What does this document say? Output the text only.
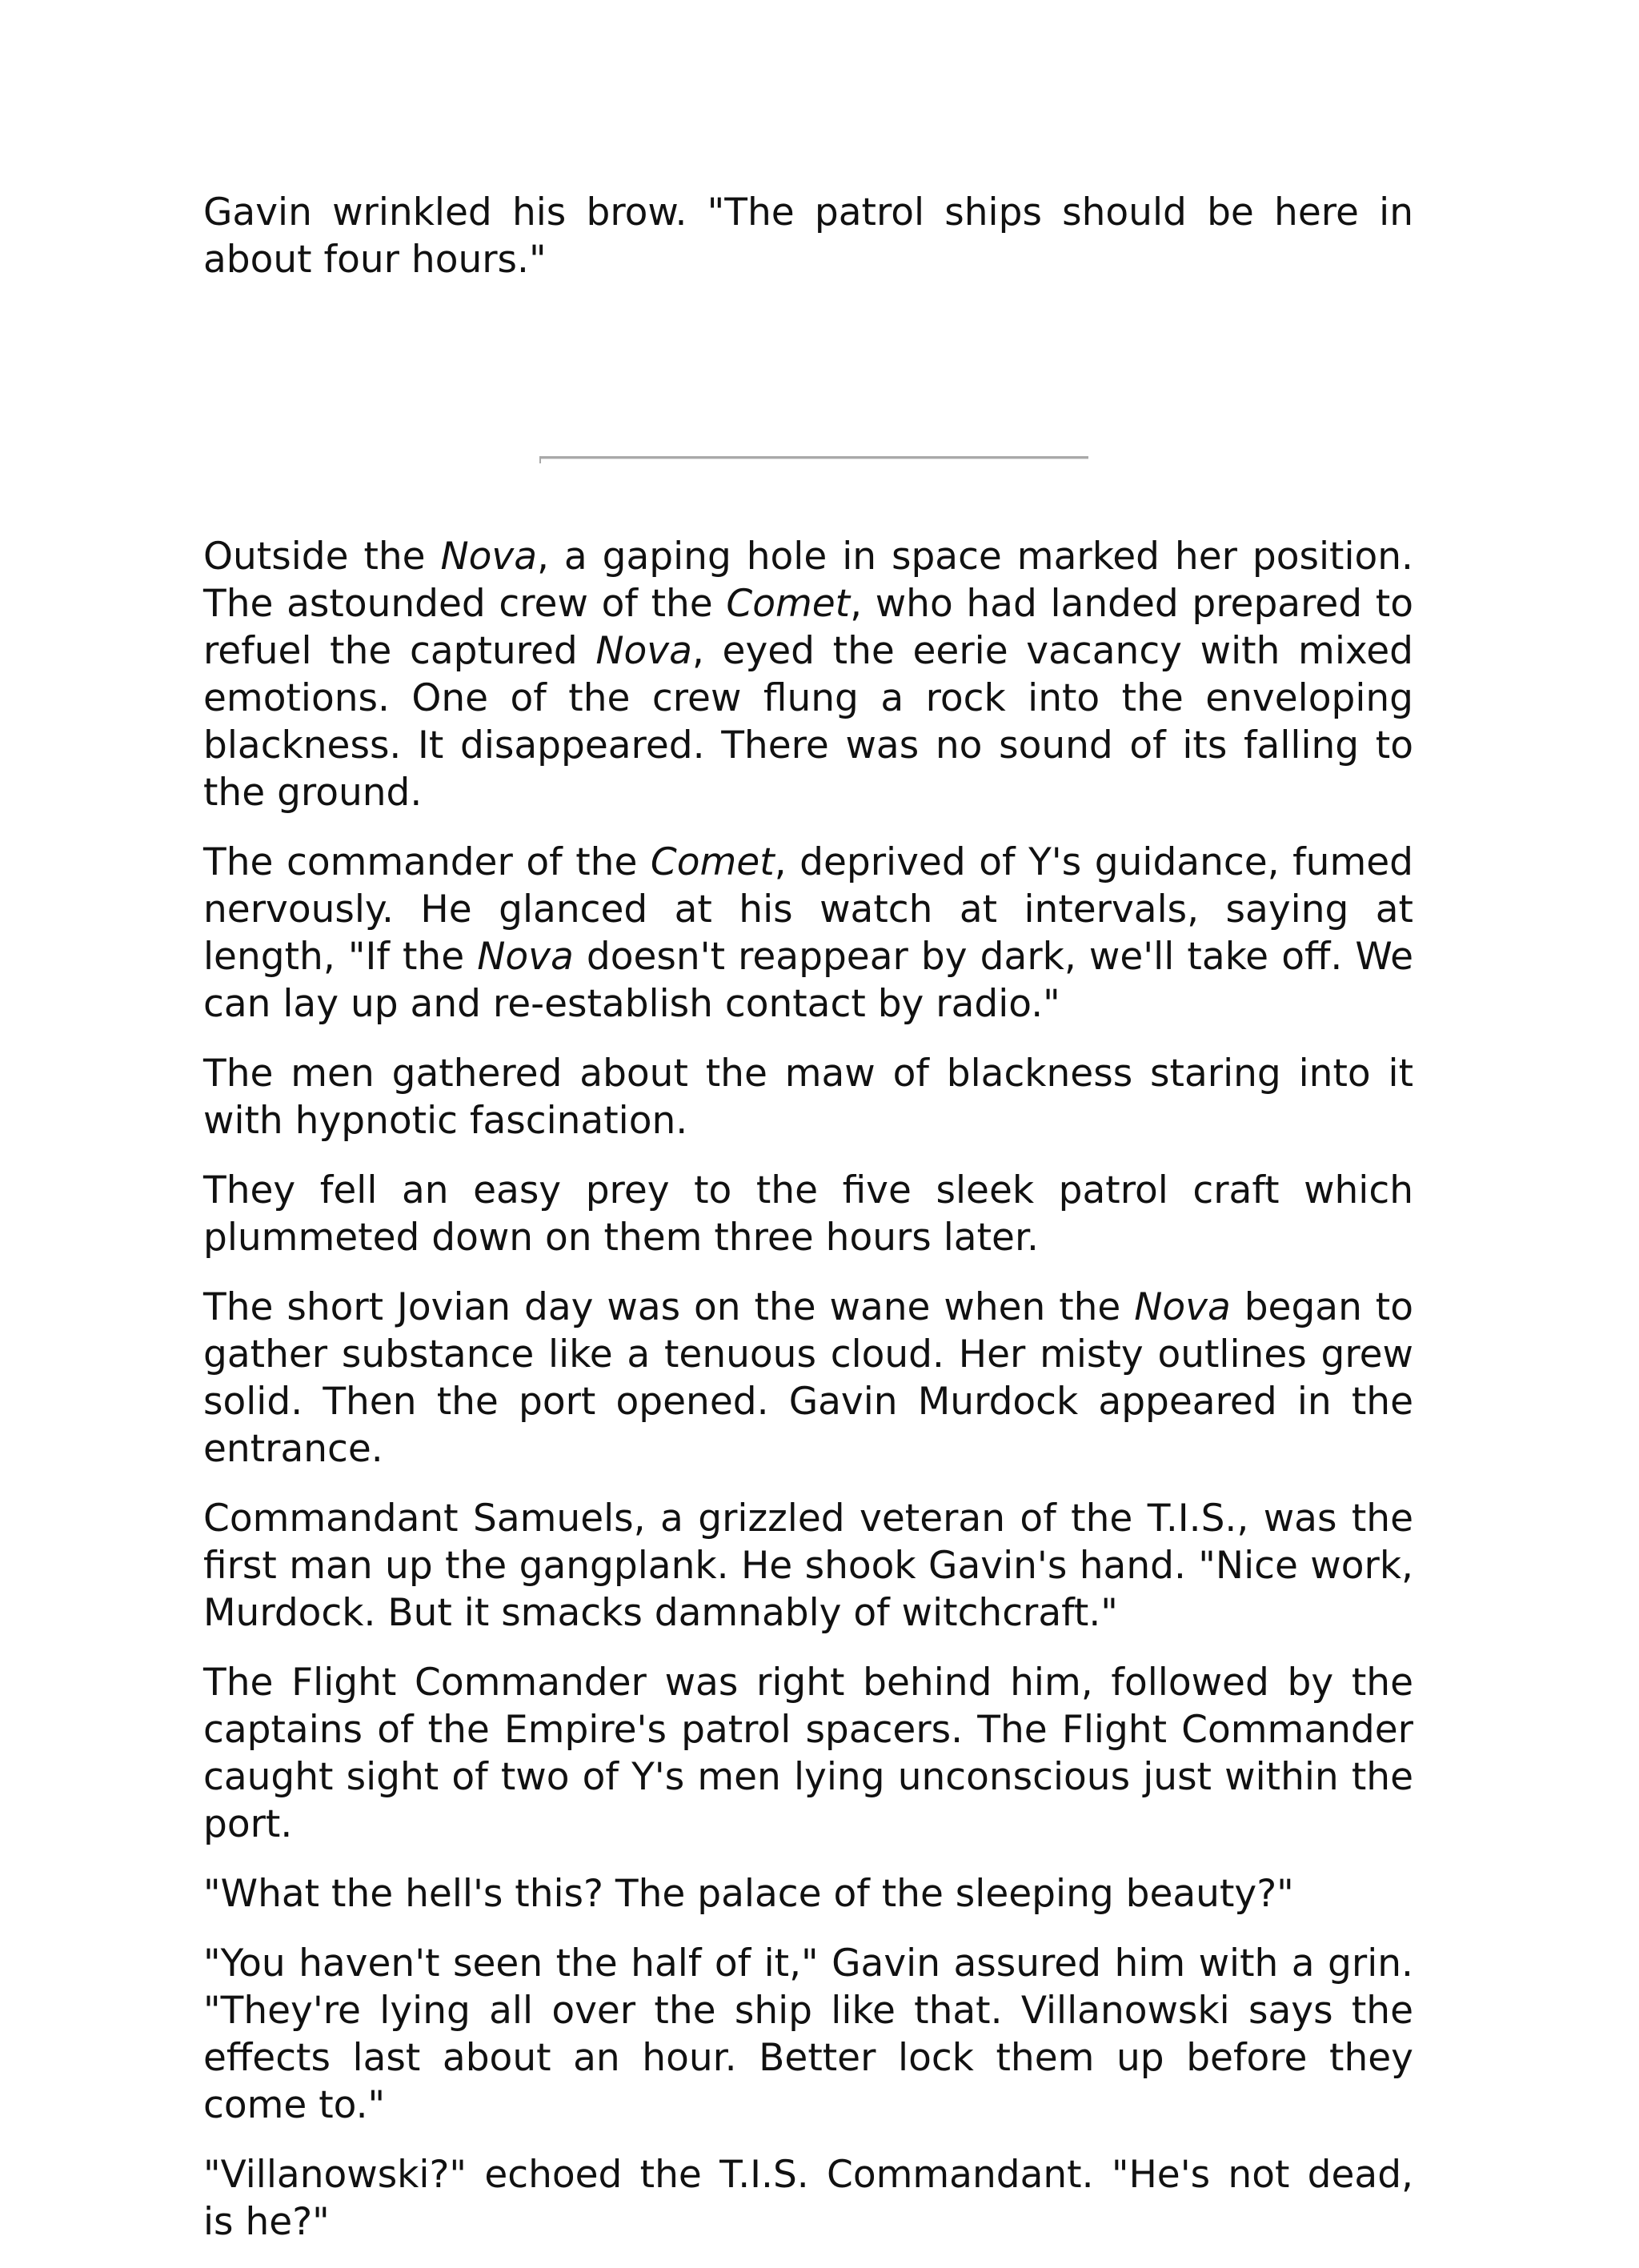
Gavin wrinkled his brow. "The patrol ships should be here in about four hours."

Outside the Nova, a gaping hole in space marked her position. The astounded crew of the Comet, who had landed prepared to refuel the captured Nova, eyed the eerie vacancy with mixed emotions. One of the crew flung a rock into the enveloping blackness. It disappeared. There was no sound of its falling to the ground.

The commander of the Comet, deprived of Y's guidance, fumed nervously. He glanced at his watch at intervals, saying at length, "If the Nova doesn't reappear by dark, we'll take off. We can lay up and re-establish contact by radio."

The men gathered about the maw of blackness staring into it with hypnotic fascination.

They fell an easy prey to the five sleek patrol craft which plummeted down on them three hours later.

The short Jovian day was on the wane when the Nova began to gather substance like a tenuous cloud. Her misty outlines grew solid. Then the port opened. Gavin Murdock appeared in the entrance.

Commandant Samuels, a grizzled veteran of the T.I.S., was the first man up the gangplank. He shook Gavin's hand. "Nice work, Murdock. But it smacks damnably of witchcraft."

The Flight Commander was right behind him, followed by the captains of the Empire's patrol spacers. The Flight Commander caught sight of two of Y's men lying unconscious just within the port.

"What the hell's this? The palace of the sleeping beauty?"

"You haven't seen the half of it," Gavin assured him with a grin. "They're lying all over the ship like that. Villanowski says the effects last about an hour. Better lock them up before they come to."

"Villanowski?" echoed the T.I.S. Commandant. "He's not dead, is he?"
